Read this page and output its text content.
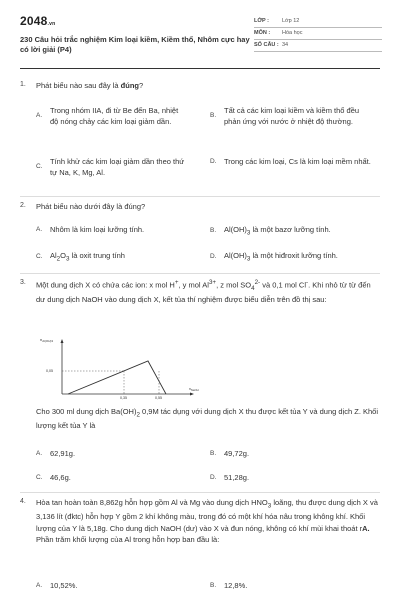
2048.vn
230 Câu hỏi trắc nghiệm Kim loại kiềm, Kiềm thổ, Nhôm cực hay có lời giải (P4)
LỚP :	Lớp 12
MÔN :	Hóa học
SỐ CÂU : 34
1. Phát biểu nào sau đây là đúng?
A.
Trong nhóm IIA, đi từ Be đến Ba, nhiệt độ nóng chảy các kim loại giảm dần.
B.
Tất cả các kim loại kiềm và kiềm thổ đều phản ứng với nước ở nhiệt độ thường.
C.
Tính khử các kim loại giảm dần theo thứ tự Na, K, Mg, Al.
D.	Trong các kim loại, Cs là kim loại mềm nhất.
2. Phát biểu nào dưới đây là đúng?
A.	Nhôm là kim loại lưỡng tính.	B.	$Al(OH)_3$ là một bazơ lưỡng tính.
C.	$Al_2O_3$ là oxit trung tính	D.	$Al(OH)_3$ là một hiđroxit lưỡng tính.
3. Một dung dịch X có chứa các ion: x mol H+, y mol $Al^{3+}$, z mol $SO_4^{2-}$ và 0,1 mol Cl-. Khi nhỏ từ từ đến dư dung dịch NaOH vào dung dịch X, kết tủa thí nghiệm được biểu diễn trên đồ thị sau:
$n_{Al(OH)3}$
$n_{NaOH}$
0,05
0,35	0,55
Cho 300 ml dung dịch $Ba(OH)_2$ 0,9M tác dụng với dung dịch X thu được kết tủa Y và dung dịch Z. Khối lượng kết tủa Y là
A.	62,91g.	B.	49,72g.
C.	46,6g.	D.	51,28g.
4. Hòa tan hoàn toàn 8,862g hỗn hợp gồm Al và Mg vào dung dịch $HNO_3$ loãng, thu được dung dịch X và 3,136 lít (đktc) hỗn hợp Y gồm 2 khí không màu, trong đó có một khí hóa nâu trong không khí. Khối lượng của Y là 5,18g. Cho dung dịch NaOH (dư) vào X và đun nóng, không có khí mùi khai thoát rA. Phần trăm khối lượng của Al trong hỗn hợp ban đầu là:
A.	10,52%.	B.	12,8%.
